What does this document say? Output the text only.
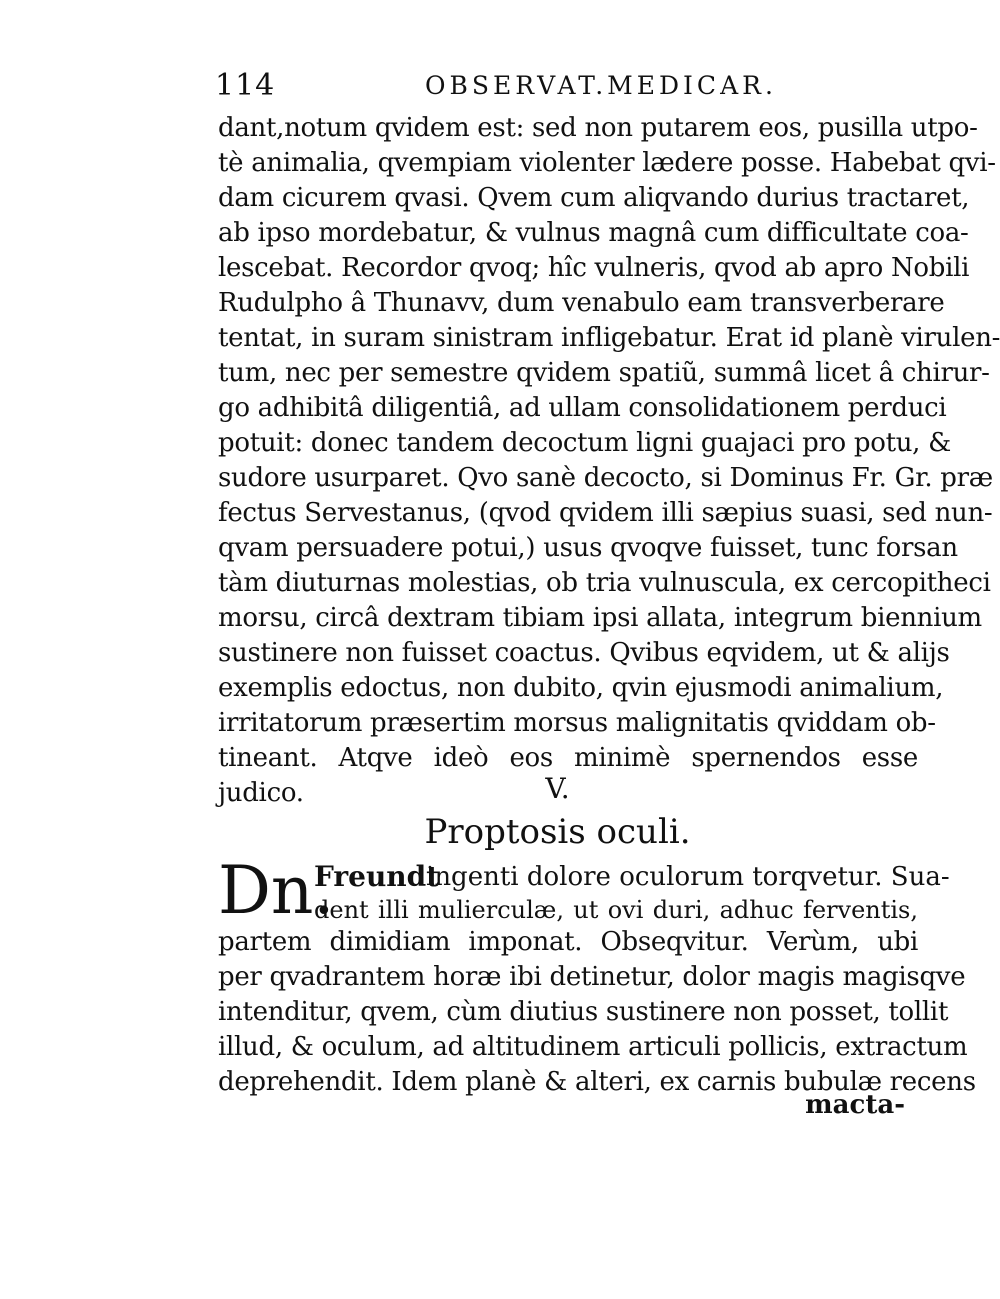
114	OBSERVAT.MEDICAR.
dant,notum qvidem est: sed non putarem eos, pusilla utpo-
tè animalia, qvempiam violenter lædere posse. Habebat qvi-
dam cicurem qvasi. Qvem cum aliqvando durius tractaret,
ab ipso mordebatur, & vulnus magnâ cum difficultate coa-
lescebat. Recordor qvoq; hîc vulneris, qvod ab apro Nobili
Rudulpho â Thunavv, dum venabulo eam transverberare
tentat, in suram sinistram infligebatur. Erat id planè virulen-
tum, nec per semestre qvidem spatiũ, summâ licet â chirur-
go adhibitâ diligentiâ, ad ullam consolidationem perduci
potuit: donec tandem decoctum ligni guajaci pro potu, &
sudore usurparet. Qvo sanè decocto, si Dominus Fr. Gr. præ
fectus Servestanus, (qvod qvidem illi sæpius suasi, sed nun-
qvam persuadere potui,) usus qvoqve fuisset, tunc forsan
tàm diuturnas molestias, ob tria vulnuscula, ex cercopitheci
morsu, circâ dextram tibiam ipsi allata, integrum biennium
sustinere non fuisset coactus. Qvibus eqvidem, ut & alijs
exemplis edoctus, non dubito, qvin ejusmodi animalium,
irritatorum præsertim morsus malignitatis qviddam ob-
tineant. Atqve ideò eos minimè spernendos esse
judico.	V.
Proptosis oculi.
Dn.
Freundt
ingenti dolore oculorum torqvetur. Sua-
dent illi mulierculæ, ut ovi duri, adhuc ferventis,
partem dimidiam imponat. Obseqvitur. Verùm, ubi
per qvadrantem horæ ibi detinetur, dolor magis magisqve
intenditur, qvem, cùm diutius sustinere non posset, tollit
illud, & oculum, ad altitudinem articuli pollicis, extractum
deprehendit. Idem planè & alteri, ex carnis bubulæ recens
macta-
